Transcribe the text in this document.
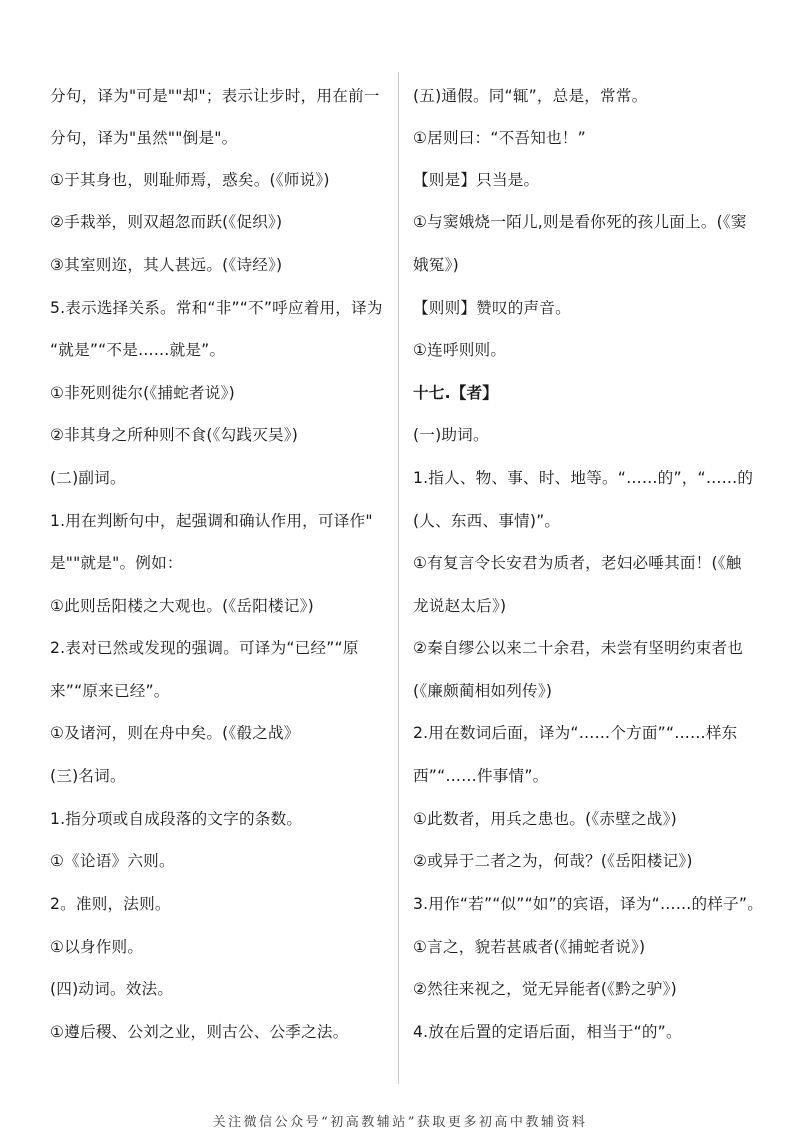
分句，译为"可是""却"；表示让步时，用在前一
分句，译为"虽然""倒是"。
①于其身也，则耻师焉，惑矣。(《师说》)
②手栽举，则双超忽而跃(《促织》)
③其室则迩，其人甚远。(《诗经》)
5.表示选择关系。常和“非”“不”呼应着用，译为
“就是”“不是……就是”。
①非死则徙尔(《捕蛇者说》)
②非其身之所种则不食(《勾践灭吴》)
(二)副词。
1.用在判断句中，起强调和确认作用，可译作"
是""就是"。例如：
①此则岳阳楼之大观也。(《岳阳楼记》)
2.表对已然或发现的强调。可译为“已经”“原
来”“原来已经”。
①及诸河，则在舟中矣。(《殽之战》
(三)名词。
1.指分项或自成段落的文字的条数。
①《论语》六则。
2。准则，法则。
①以身作则。
(四)动词。效法。
①遵后稷、公刘之业，则古公、公季之法。
(五)通假。同“辄”，总是，常常。
①居则曰：“不吾知也！”
【则是】只当是。
①与窦娥烧一陌儿,则是看你死的孩儿面上。(《窦
娥冤》)
【则则】赞叹的声音。
①连呼则则。
十七.【者】
(一)助词。
1.指人、物、事、时、地等。“……的”，“……的
(人、东西、事情)”。
①有复言令长安君为质者，老妇必唾其面！(《触
龙说赵太后》)
②秦自缪公以来二十余君，未尝有坚明约束者也
(《廉颇蔺相如列传》)
2.用在数词后面，译为“……个方面”“……样东
西”“……件事情”。
①此数者，用兵之患也。(《赤壁之战》)
②或异于二者之为，何哉？(《岳阳楼记》)
3.用作“若”“似”“如”的宾语，译为“……的样子”。
①言之，貌若甚戚者(《捕蛇者说》)
②然往来视之，觉无异能者(《黔之驴》)
4.放在后置的定语后面，相当于“的”。
关注微信公众号“初高教辅站”获取更多初高中教辅资料
